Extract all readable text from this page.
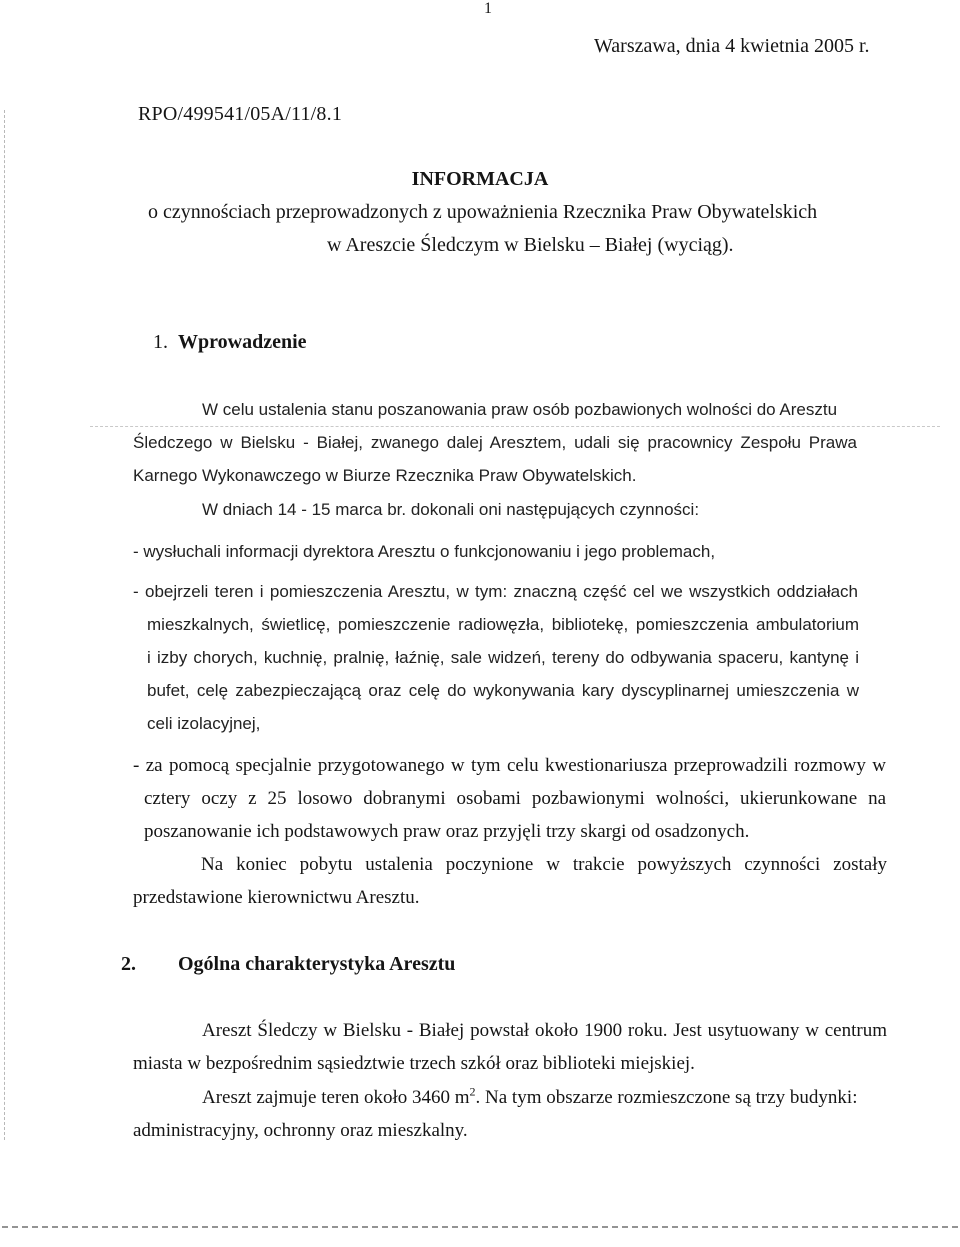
1

Warszawa, dnia 4 kwietnia 2005 r.

RPO/499541/05A/11/8.1

INFORMACJA

o czynnościach przeprowadzonych z upoważnienia Rzecznika Praw Obywatelskich

w Areszcie Śledczym w Bielsku – Białej (wyciąg).

1. Wprowadzenie

W celu ustalenia stanu poszanowania praw osób pozbawionych wolności do Aresztu

Śledczego w Bielsku - Białej, zwanego dalej Aresztem, udali się pracownicy Zespołu Prawa

Karnego Wykonawczego w Biurze Rzecznika Praw Obywatelskich.

W dniach 14 - 15 marca br. dokonali oni następujących czynności:

- wysłuchali informacji dyrektora Aresztu o funkcjonowaniu i jego problemach,

- obejrzeli teren i pomieszczenia Aresztu, w tym: znaczną część cel we wszystkich oddziałach

mieszkalnych, świetlicę, pomieszczenie radiowęzła, bibliotekę, pomieszczenia ambulatorium

i izby chorych, kuchnię, pralnię, łaźnię, sale widzeń, tereny do odbywania spaceru, kantynę i

bufet, celę zabezpieczającą oraz celę do wykonywania kary dyscyplinarnej umieszczenia w

celi izolacyjnej,

- za pomocą specjalnie przygotowanego w tym celu kwestionariusza przeprowadzili rozmowy w

cztery oczy z 25 losowo dobranymi osobami pozbawionymi wolności, ukierunkowane na

poszanowanie ich podstawowych praw oraz przyjęli trzy skargi od osadzonych.

Na koniec pobytu ustalenia poczynione w trakcie powyższych czynności zostały

przedstawione kierownictwu Aresztu.

2. Ogólna charakterystyka Aresztu

Areszt Śledczy w Bielsku - Białej powstał około 1900 roku. Jest usytuowany w centrum

miasta w bezpośrednim sąsiedztwie trzech szkół oraz biblioteki miejskiej.

Areszt zajmuje teren około 3460 $m^2$. Na tym obszarze rozmieszczone są trzy budynki:

administracyjny, ochronny oraz mieszkalny.
